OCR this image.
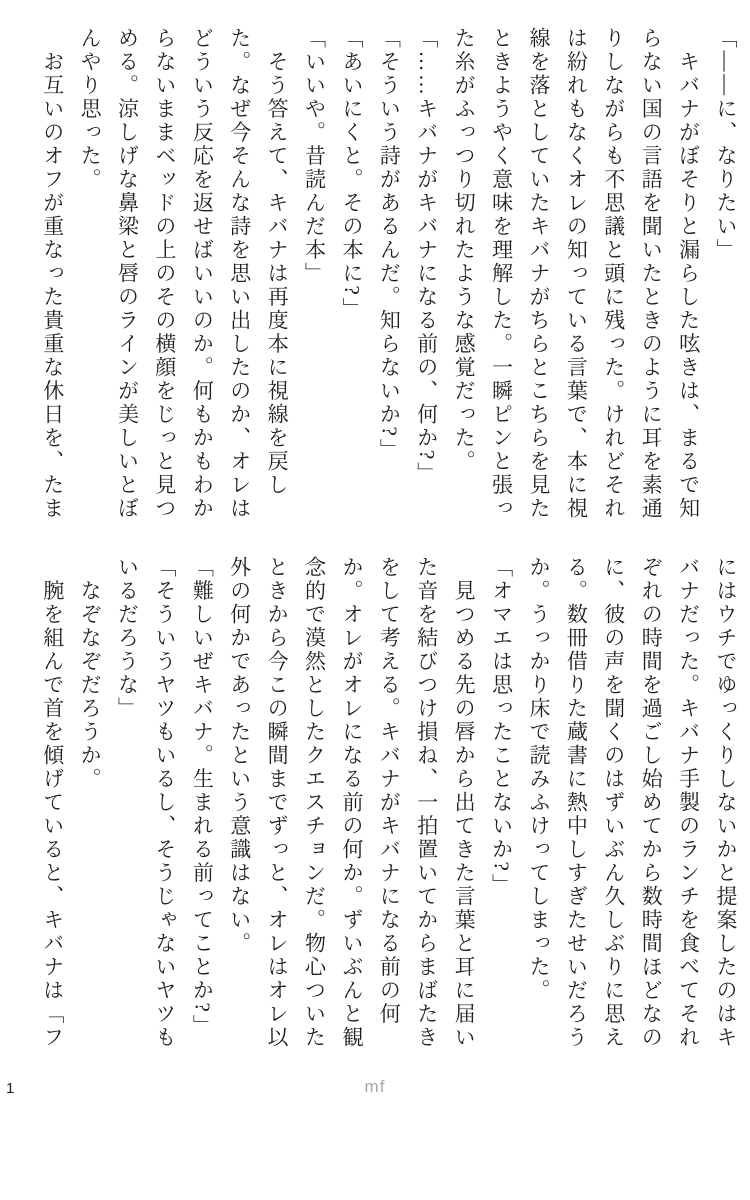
「――に、なりたい」

　キバナがぼそりと漏らした呟きは、まるで知

らない国の言語を聞いたときのように耳を素通

りしながらも不思議と頭に残った。けれどそれ

は紛れもなくオレの知っている言葉で、本に視

線を落としていたキバナがちらとこちらを見た

ときようやく意味を理解した。一瞬ピンと張っ

た糸がふっつり切れたような感覚だった。

「……キバナがキバナになる前の、何か?」

「そういう詩があるんだ。知らないか?」

「あいにくと。その本に?」

「いいや。昔読んだ本」

　そう答えて、キバナは再度本に視線を戻し

た。なぜ今そんな詩を思い出したのか、オレは

どういう反応を返せばいいのか。何もかもわか

らないままベッドの上のその横顔をじっと見つ

める。涼しげな鼻梁と唇のラインが美しいとぼ

んやり思った。

　お互いのオフが重なった貴重な休日を、たま

にはウチでゆっくりしないかと提案したのはキ

バナだった。キバナ手製のランチを食べてそれ

ぞれの時間を過ごし始めてから数時間ほどなの

に、彼の声を聞くのはずいぶん久しぶりに思え

る。数冊借りた蔵書に熱中しすぎたせいだろう

か。うっかり床で読みふけってしまった。

「オマエは思ったことないか?」

　見つめる先の唇から出てきた言葉と耳に届い

た音を結びつけ損ね、一拍置いてからまばたき

をして考える。キバナがキバナになる前の何

か。オレがオレになる前の何か。ずいぶんと観

念的で漠然としたクエスチョンだ。物心ついた

ときから今この瞬間までずっと、オレはオレ以

外の何かであったという意識はない。

「難しいぜキバナ。生まれる前ってことか?」

「そういうヤツもいるし、そうじゃないヤツも

いるだろうな」

　なぞなぞだろうか。

　腕を組んで首を傾げていると、キバナは「フ

1	mf
